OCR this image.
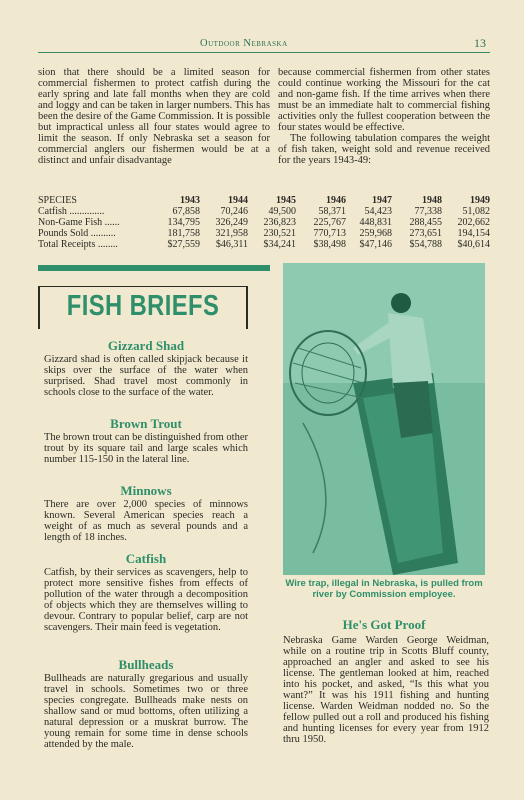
Outdoor Nebraska	13

sion that there should be a limited season for commercial fishermen to protect catfish during the early spring and late fall months when they are cold and loggy and can be taken in larger numbers. This has been the desire of the Game Commission. It is possible but impractical unless all four states would agree to limit the season. If only Nebraska set a season for commercial anglers our fishermen would be at a distinct and unfair disadvantage

because commercial fishermen from other states could continue working the Missouri for the cat and non-game fish. If the time arrives when there must be an immediate halt to commercial fishing activities only the fullest cooperation between the four states would be effective.

The following tabulation compares the weight of fish taken, weight sold and revenue received for the years 1943-49:

SPECIES	1943	1944	1945	1946	1947	1948	1949
Catfish ..............	67,858	70,246	49,500	58,371	54,423	77,338	51,082
Non-Game Fish ......	134,795	326,249	236,823	225,767	448,831	288,455	202,662
Pounds Sold ..........	181,758	321,958	230,521	770,713	259,968	273,651	194,154
Total Receipts ........	$27,559	$46,311	$34,241	$38,498	$47,146	$54,788	$40,614
FISH BRIEFS
Gizzard Shad
Gizzard shad is often called skipjack because it skips over the surface of the water when surprised. Shad travel most commonly in schools close to the surface of the water.
Brown Trout
The brown trout can be distinguished from other trout by its square tail and large scales which number 115-150 in the lateral line.
Minnows
There are over 2,000 species of minnows known. Several American species reach a weight of as much as several pounds and a length of 18 inches.
Catfish
Catfish, by their services as scavengers, help to protect more sensitive fishes from effects of pollution of the water through a decomposition of objects which they are themselves willing to devour. Contrary to popular belief, carp are not scavengers. Their main feed is vegetation.
Bullheads
Bullheads are naturally gregarious and usually travel in schools. Sometimes two or three species congregate. Bullheads make nests on shallow sand or mud bottoms, often utilizing a natural depression or a muskrat burrow. The young remain for some time in dense schools attended by the male.
Wire trap, illegal in Nebraska, is pulled from river by Commission employee.
He's Got Proof
Nebraska Game Warden George Weidman, while on a routine trip in Scotts Bluff county, approached an angler and asked to see his license. The gentleman looked at him, reached into his pocket, and asked, “Is this what you want?” It was his 1911 fishing and hunting license. Warden Weidman nodded no. So the fellow pulled out a roll and produced his fishing and hunting licenses for every year from 1912 thru 1950.
